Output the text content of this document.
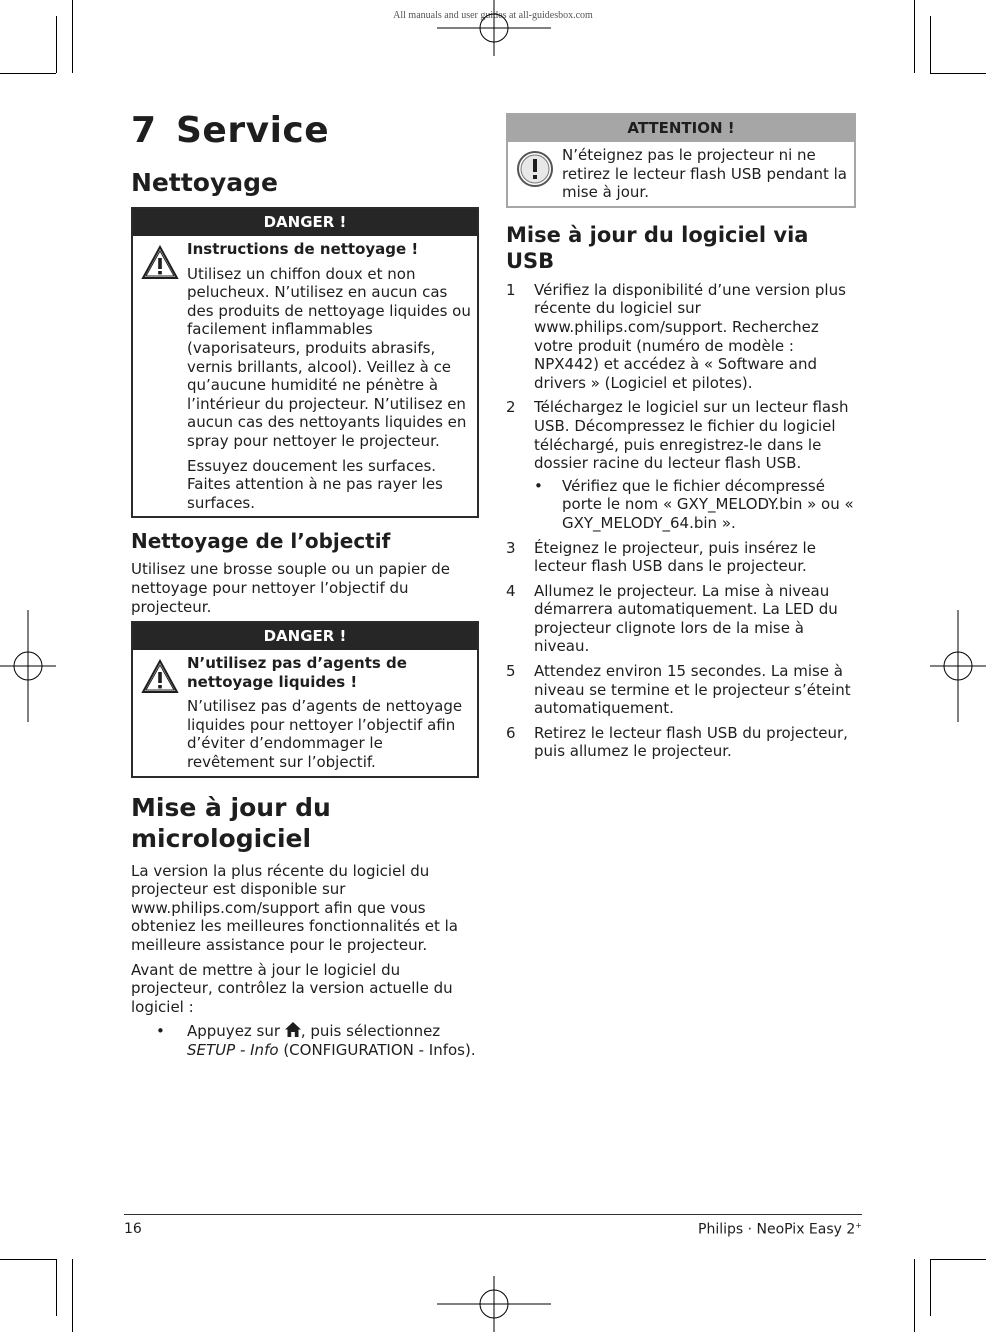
All manuals and user guides at all-guidesbox.com
7 Service
Nettoyage
DANGER !

Instructions de nettoyage !

Utilisez un chiffon doux et non pelucheux. N’utilisez en aucun cas des produits de nettoyage liquides ou facilement inflammables (vaporisateurs, produits abrasifs, vernis brillants, alcool). Veillez à ce qu’aucune humidité ne pénètre à l’intérieur du projecteur. N’utilisez en aucun cas des nettoyants liquides en spray pour nettoyer le projecteur.

Essuyez doucement les surfaces. Faites attention à ne pas rayer les surfaces.

Nettoyage de l’objectif

Utilisez une brosse souple ou un papier de nettoyage pour nettoyer l’objectif du projecteur.

DANGER !

N’utilisez pas d’agents de nettoyage liquides !

N’utilisez pas d’agents de nettoyage liquides pour nettoyer l’objectif afin d’éviter d’endommager le revêtement sur l’objectif.

Mise à jour du micrologiciel

La version la plus récente du logiciel du projecteur est disponible sur www.philips.com/support afin que vous obteniez les meilleures fonctionnalités et la meilleure assistance pour le projecteur.

Avant de mettre à jour le logiciel du projecteur, contrôlez la version actuelle du logiciel :

• Appuyez sur , puis sélectionnez SETUP - Info (CONFIGURATION - Infos).
ATTENTION !

N’éteignez pas le projecteur ni ne retirez le lecteur flash USB pendant la mise à jour.

Mise à jour du logiciel via USB
1 Vérifiez la disponibilité d’une version plus récente du logiciel sur www.philips.com/support. Recherchez votre produit (numéro de modèle : NPX442) et accédez à « Software and drivers » (Logiciel et pilotes).
2 Téléchargez le logiciel sur un lecteur flash USB. Décompressez le fichier du logiciel téléchargé, puis enregistrez-le dans le dossier racine du lecteur flash USB.
• Vérifiez que le fichier décompressé porte le nom « GXY_MELODY.bin » ou « GXY_MELODY_64.bin ».
3 Éteignez le projecteur, puis insérez le lecteur flash USB dans le projecteur.
4 Allumez le projecteur. La mise à niveau démarrera automatiquement. La LED du projecteur clignote lors de la mise à niveau.
5 Attendez environ 15 secondes. La mise à niveau se termine et le projecteur s’éteint automatiquement.
6 Retirez le lecteur flash USB du projecteur, puis allumez le projecteur.
16	Philips · NeoPix Easy 2+
